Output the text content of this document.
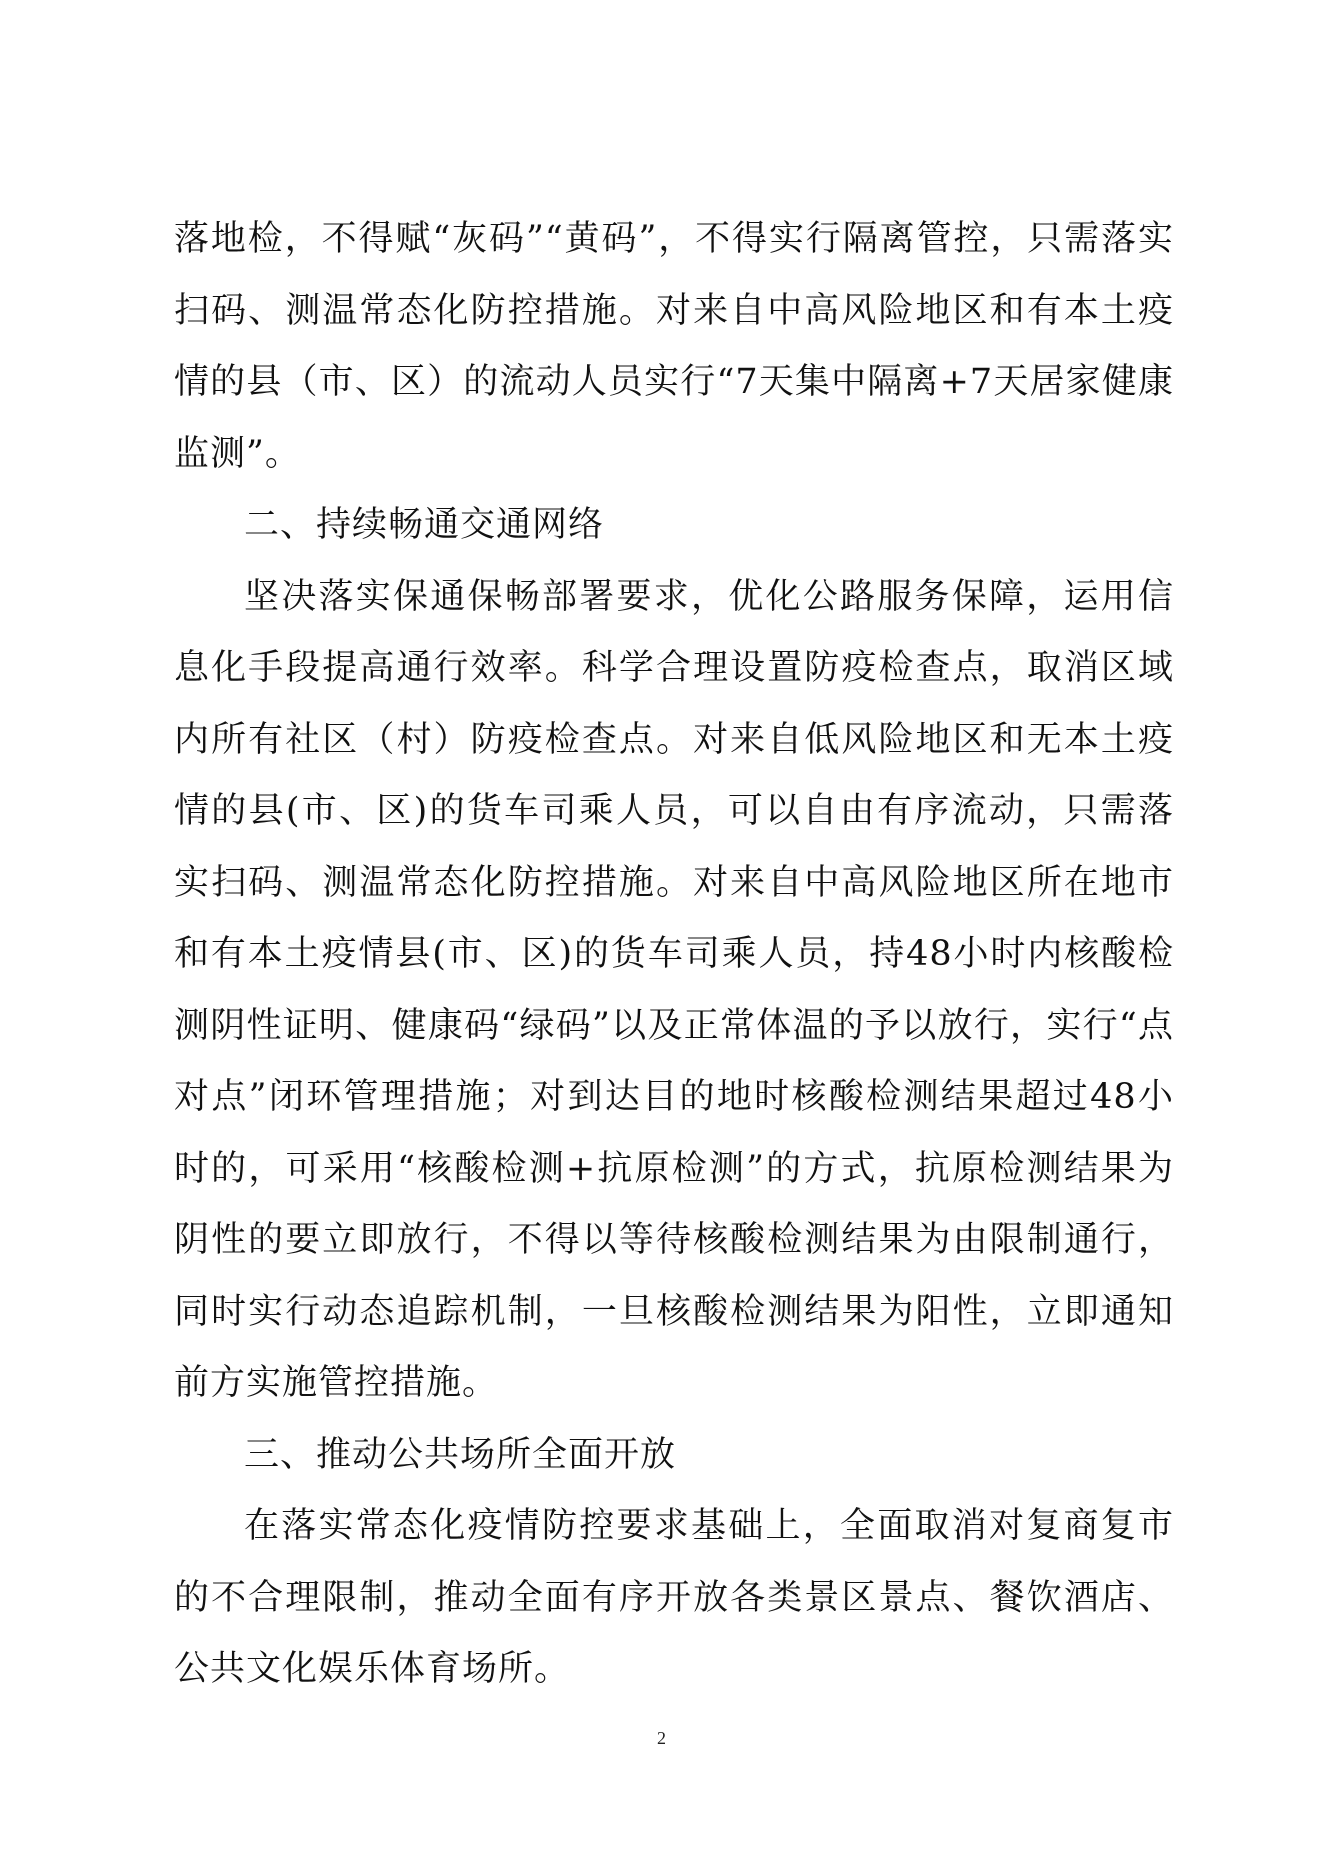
落地检，不得赋“灰码”“黄码”，不得实行隔离管控，只需落实扫码、测温常态化防控措施。对来自中高风险地区和有本土疫情的县（市、区）的流动人员实行“7天集中隔离+7天居家健康监测”。

二、持续畅通交通网络

坚决落实保通保畅部署要求，优化公路服务保障，运用信息化手段提高通行效率。科学合理设置防疫检查点，取消区域内所有社区（村）防疫检查点。对来自低风险地区和无本土疫情的县(市、区)的货车司乘人员，可以自由有序流动，只需落实扫码、测温常态化防控措施。对来自中高风险地区所在地市和有本土疫情县(市、区)的货车司乘人员，持48小时内核酸检测阴性证明、健康码“绿码”以及正常体温的予以放行，实行“点对点”闭环管理措施；对到达目的地时核酸检测结果超过48小时的，可采用“核酸检测+抗原检测”的方式，抗原检测结果为阴性的要立即放行，不得以等待核酸检测结果为由限制通行，同时实行动态追踪机制，一旦核酸检测结果为阳性，立即通知前方实施管控措施。

三、推动公共场所全面开放

在落实常态化疫情防控要求基础上，全面取消对复商复市的不合理限制，推动全面有序开放各类景区景点、餐饮酒店、公共文化娱乐体育场所。

2
